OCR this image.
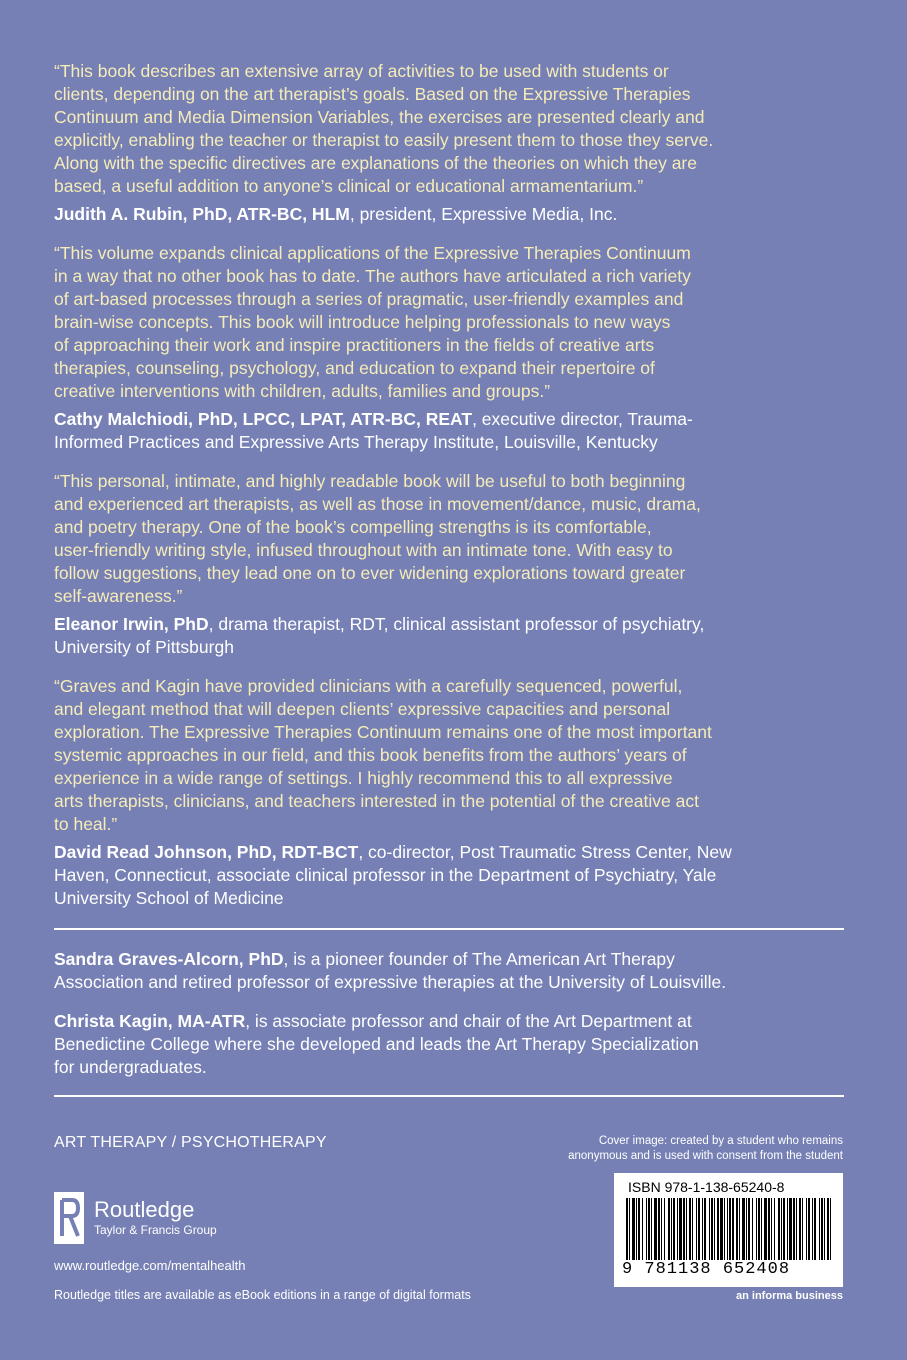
“This book describes an extensive array of activities to be used with students or
clients, depending on the art therapist’s goals. Based on the Expressive Therapies
Continuum and Media Dimension Variables, the exercises are presented clearly and
explicitly, enabling the teacher or therapist to easily present them to those they serve.
Along with the specific directives are explanations of the theories on which they are
based, a useful addition to anyone’s clinical or educational armamentarium.”

Judith A. Rubin, PhD, ATR-BC, HLM, president, Expressive Media, Inc.

“This volume expands clinical applications of the Expressive Therapies Continuum
in a way that no other book has to date. The authors have articulated a rich variety
of art-based processes through a series of pragmatic, user-friendly examples and
brain-wise concepts. This book will introduce helping professionals to new ways
of approaching their work and inspire practitioners in the fields of creative arts
therapies, counseling, psychology, and education to expand their repertoire of
creative interventions with children, adults, families and groups.”

Cathy Malchiodi, PhD, LPCC, LPAT, ATR-BC, REAT, executive director, Trauma-
Informed Practices and Expressive Arts Therapy Institute, Louisville, Kentucky

“This personal, intimate, and highly readable book will be useful to both beginning
and experienced art therapists, as well as those in movement/dance, music, drama,
and poetry therapy. One of the book’s compelling strengths is its comfortable,
user-friendly writing style, infused throughout with an intimate tone. With easy to
follow suggestions, they lead one on to ever widening explorations toward greater
self-awareness.”

Eleanor Irwin, PhD, drama therapist, RDT, clinical assistant professor of psychiatry,
University of Pittsburgh

“Graves and Kagin have provided clinicians with a carefully sequenced, powerful,
and elegant method that will deepen clients’ expressive capacities and personal
exploration. The Expressive Therapies Continuum remains one of the most important
systemic approaches in our field, and this book benefits from the authors’ years of
experience in a wide range of settings. I highly recommend this to all expressive
arts therapists, clinicians, and teachers interested in the potential of the creative act
to heal.”

David Read Johnson, PhD, RDT-BCT, co-director, Post Traumatic Stress Center, New
Haven, Connecticut, associate clinical professor in the Department of Psychiatry, Yale
University School of Medicine

Sandra Graves-Alcorn, PhD, is a pioneer founder of The American Art Therapy
Association and retired professor of expressive therapies at the University of Louisville.

Christa Kagin, MA-ATR, is associate professor and chair of the Art Department at
Benedictine College where she developed and leads the Art Therapy Specialization
for undergraduates.

ART THERAPY / PSYCHOTHERAPY	Cover image: created by a student who remains
anonymous and is used with consent from the student
Routledge
Taylor & Francis Group
www.routledge.com/mentalhealth
Routledge titles are available as eBook editions in a range of digital formats
ISBN 978-1-138-65240-8
9 781138 652408
an informa business
